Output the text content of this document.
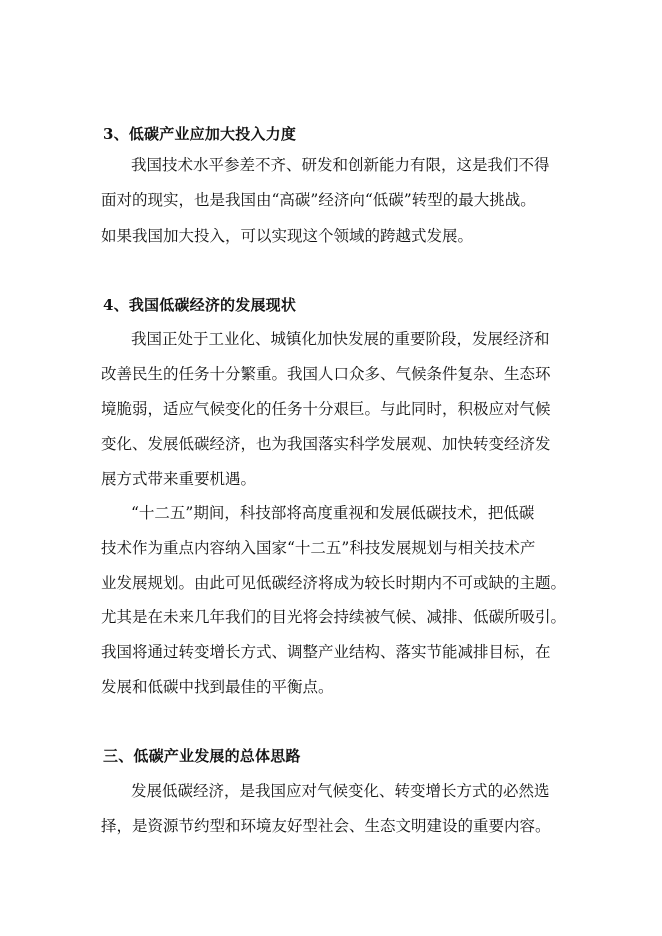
3、低碳产业应加大投入力度
我国技术水平参差不齐、研发和创新能力有限，这是我们不得
面对的现实，也是我国由“高碳”经济向“低碳”转型的最大挑战。
如果我国加大投入，可以实现这个领域的跨越式发展。
4、我国低碳经济的发展现状
我国正处于工业化、城镇化加快发展的重要阶段，发展经济和
改善民生的任务十分繁重。我国人口众多、气候条件复杂、生态环
境脆弱，适应气候变化的任务十分艰巨。与此同时，积极应对气候
变化、发展低碳经济，也为我国落实科学发展观、加快转变经济发
展方式带来重要机遇。
“十二五”期间，科技部将高度重视和发展低碳技术，把低碳
技术作为重点内容纳入国家“十二五”科技发展规划与相关技术产
业发展规划。由此可见低碳经济将成为较长时期内不可或缺的主题。
尤其是在未来几年我们的目光将会持续被气候、减排、低碳所吸引。
我国将通过转变增长方式、调整产业结构、落实节能减排目标，在
发展和低碳中找到最佳的平衡点。
三、低碳产业发展的总体思路
发展低碳经济，是我国应对气候变化、转变增长方式的必然选
择，是资源节约型和环境友好型社会、生态文明建设的重要内容。
